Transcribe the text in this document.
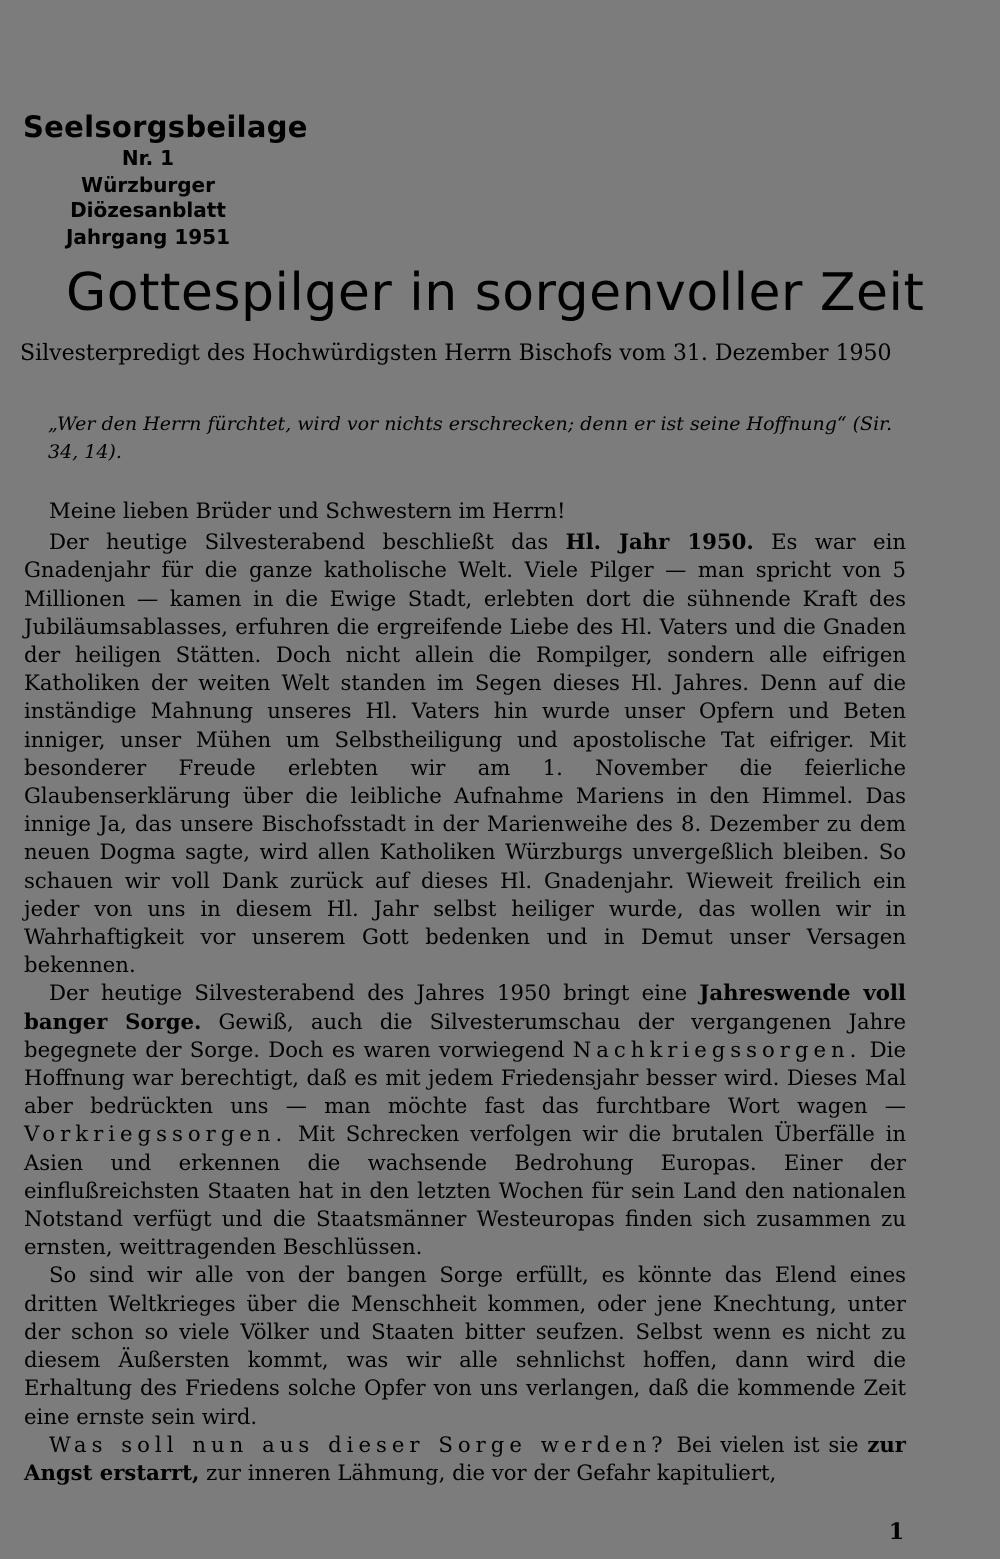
Seelsorgsbeilage
Nr. 1
Würzburger Diözesanblatt
Jahrgang 1951
Gottespilger in sorgenvoller Zeit
Silvesterpredigt des Hochwürdigsten Herrn Bischofs vom 31. Dezember 1950
„Wer den Herrn fürchtet, wird vor nichts erschrecken; denn er ist seine Hoffnung“ (Sir. 34, 14).

Meine lieben Brüder und Schwestern im Herrn!

Der heutige Silvesterabend beschließt das Hl. Jahr 1950. Es war ein Gnadenjahr für die ganze katholische Welt. Viele Pilger — man spricht von 5 Millionen — kamen in die Ewige Stadt, erlebten dort die sühnende Kraft des Jubiläumsablasses, erfuhren die ergreifende Liebe des Hl. Vaters und die Gnaden der heiligen Stätten. Doch nicht allein die Rompilger, sondern alle eifrigen Katholiken der weiten Welt standen im Segen dieses Hl. Jahres. Denn auf die inständige Mahnung unseres Hl. Vaters hin wurde unser Opfern und Beten inniger, unser Mühen um Selbstheiligung und apostolische Tat eifriger. Mit besonderer Freude erlebten wir am 1. November die feierliche Glaubenserklärung über die leibliche Aufnahme Mariens in den Himmel. Das innige Ja, das unsere Bischofsstadt in der Marienweihe des 8. Dezember zu dem neuen Dogma sagte, wird allen Katholiken Würzburgs unvergeßlich bleiben. So schauen wir voll Dank zurück auf dieses Hl. Gnadenjahr. Wieweit freilich ein jeder von uns in diesem Hl. Jahr selbst heiliger wurde, das wollen wir in Wahrhaftigkeit vor unserem Gott bedenken und in Demut unser Versagen bekennen.

Der heutige Silvesterabend des Jahres 1950 bringt eine Jahreswende voll banger Sorge. Gewiß, auch die Silvesterumschau der vergangenen Jahre begegnete der Sorge. Doch es waren vorwiegend Nachkriegssorgen. Die Hoffnung war berechtigt, daß es mit jedem Friedensjahr besser wird. Dieses Mal aber bedrückten uns — man möchte fast das furchtbare Wort wagen — Vorkriegssorgen. Mit Schrecken verfolgen wir die brutalen Überfälle in Asien und erkennen die wachsende Bedrohung Europas. Einer der einflußreichsten Staaten hat in den letzten Wochen für sein Land den nationalen Notstand verfügt und die Staatsmänner Westeuropas finden sich zusammen zu ernsten, weittragenden Beschlüssen.

So sind wir alle von der bangen Sorge erfüllt, es könnte das Elend eines dritten Weltkrieges über die Menschheit kommen, oder jene Knechtung, unter der schon so viele Völker und Staaten bitter seufzen. Selbst wenn es nicht zu diesem Äußersten kommt, was wir alle sehnlichst hoffen, dann wird die Erhaltung des Friedens solche Opfer von uns verlangen, daß die kommende Zeit eine ernste sein wird.

Was soll nun aus dieser Sorge werden? Bei vielen ist sie zur Angst erstarrt, zur inneren Lähmung, die vor der Gefahr kapituliert,

1
